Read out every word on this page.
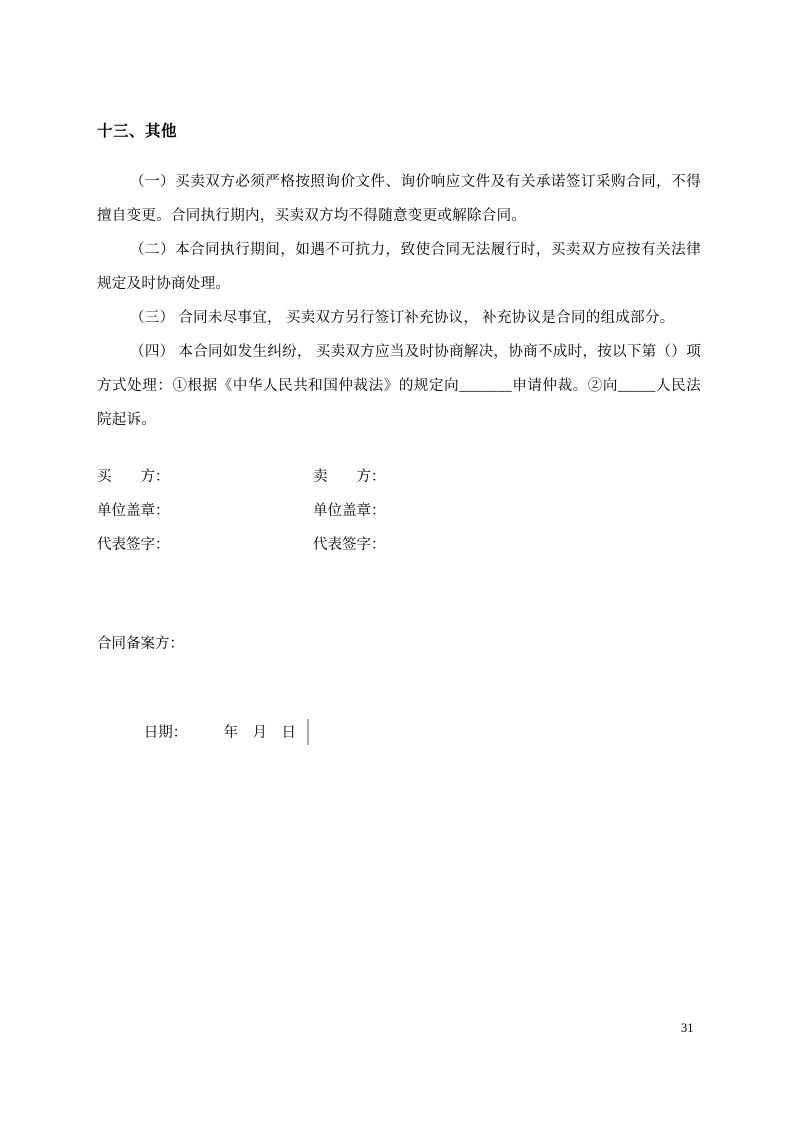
十三、其他

（一）买卖双方必须严格按照询价文件、询价响应文件及有关承诺签订采购合同，不得擅自变更。合同执行期内，买卖双方均不得随意变更或解除合同。

（二）本合同执行期间，如遇不可抗力，致使合同无法履行时，买卖双方应按有关法律规定及时协商处理。

（三） 合同未尽事宜， 买卖双方另行签订补充协议， 补充协议是合同的组成部分。

（四） 本合同如发生纠纷， 买卖双方应当及时协商解决，协商不成时，按以下第（）项方式处理：①根据《中华人民共和国仲裁法》的规定向_______申请仲裁。②向_____人民法院起诉。

买　　方：	卖　　方：
单位盖章：	单位盖章：
代表签字：	代表签字：
合同备案方：

日期：　　　年　月　日

31
